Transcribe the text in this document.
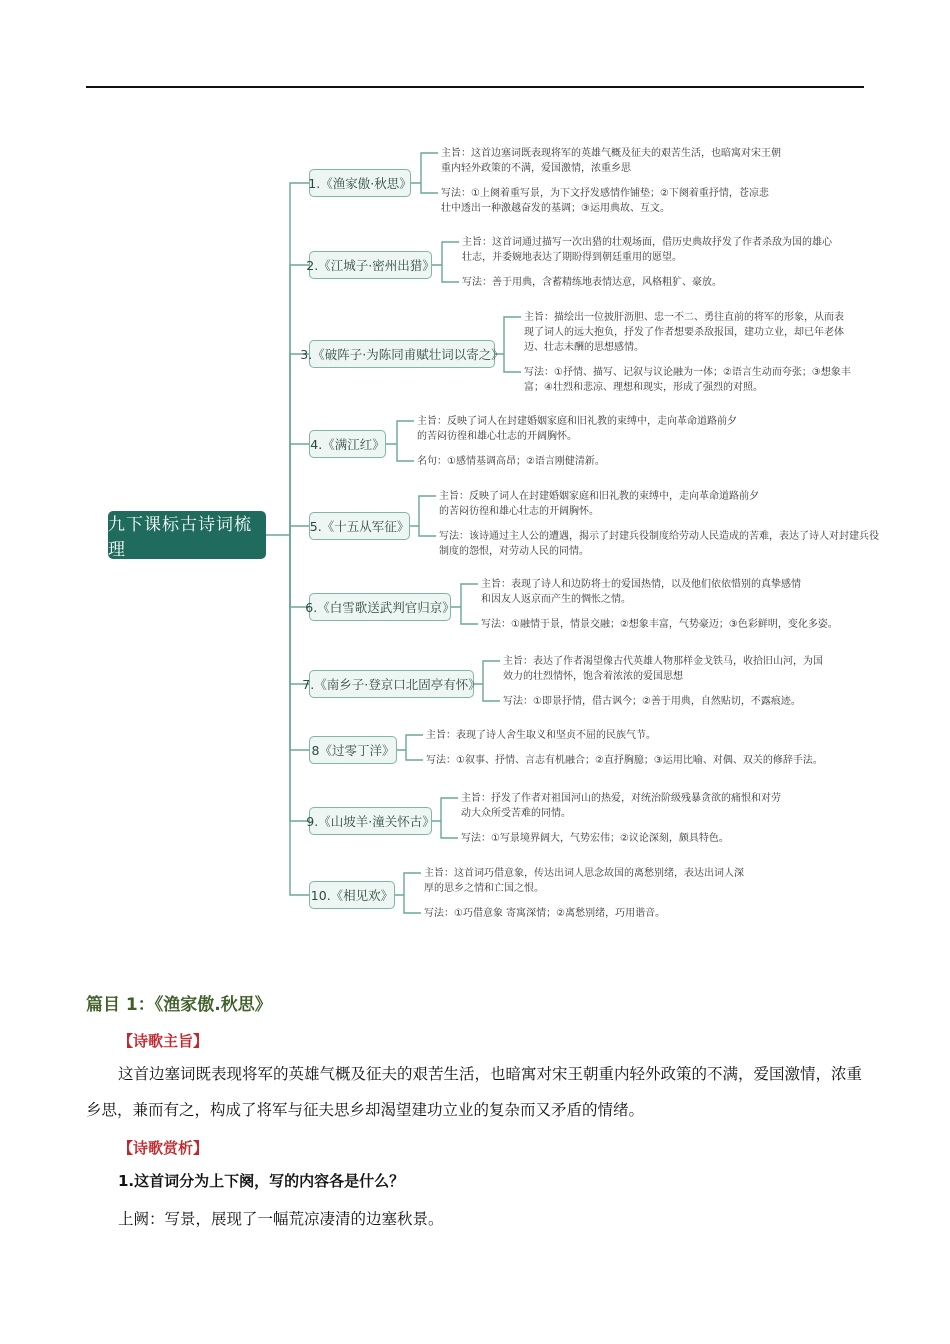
九下课标古诗词梳理
1.《渔家傲·秋思》
主旨：这首边塞词既表现将军的英雄气概及征夫的艰苦生活，也暗寓对宋王朝
重内轻外政策的不满，爱国激情，浓重乡思
写法：①上阕着重写景，为下文抒发感情作铺垫；②下阕着重抒情，苍凉悲
壮中透出一种激越奋发的基调；③运用典故、互文。
2.《江城子·密州出猎》
主旨：这首词通过描写一次出猎的壮观场面，借历史典故抒发了作者杀敌为国的雄心
壮志，并委婉地表达了期盼得到朝廷重用的愿望。
写法：善于用典，含蓄精练地表情达意，风格粗犷、豪放。
3.《破阵子·为陈同甫赋壮词以寄之》
主旨：描绘出一位披肝沥胆、忠一不二、勇往直前的将军的形象，从而表
现了词人的远大抱负，抒发了作者想要杀敌报国，建功立业，却已年老体
迈、壮志未酬的思想感情。
写法：①抒情、描写、记叙与议论融为一体；②语言生动而夸张；③想象丰
富；④壮烈和悲凉、理想和现实，形成了强烈的对照。
4.《满江红》
主旨：反映了词人在封建婚姻家庭和旧礼教的束缚中，走向革命道路前夕
的苦闷彷徨和雄心壮志的开阔胸怀。
名句：①感情基调高昂；②语言刚健清新。
5.《十五从军征》
主旨：反映了词人在封建婚姻家庭和旧礼教的束缚中，走向革命道路前夕
的苦闷彷徨和雄心壮志的开阔胸怀。
写法：该诗通过主人公的遭遇，揭示了封建兵役制度给劳动人民造成的苦难，表达了诗人对封建兵役
制度的怨恨，对劳动人民的同情。
6.《白雪歌送武判官归京》
主旨：表现了诗人和边防将士的爱国热情，以及他们依依惜别的真挚感情
和因友人返京而产生的惆怅之情。
写法：①融情于景，情景交融；②想象丰富，气势豪迈；③色彩鲜明，变化多姿。
7.《南乡子·登京口北固亭有怀》
主旨：表达了作者渴望像古代英雄人物那样金戈铁马，收拾旧山河，为国
效力的壮烈情怀，饱含着浓浓的爱国思想
写法：①即景抒情，借古讽今；②善于用典，自然贴切，不露痕迹。
8《过零丁洋》
主旨：表现了诗人舍生取义和坚贞不屈的民族气节。
写法：①叙事、抒情、言志有机融合；②直抒胸臆；③运用比喻、对偶、双关的修辞手法。
9.《山坡羊·潼关怀古》
主旨：抒发了作者对祖国河山的热爱，对统治阶级残暴贪欲的痛恨和对劳
动大众所受苦难的同情。
写法：①写景境界阔大，气势宏伟；②议论深刻，颇具特色。
10.《相见欢》
主旨：这首词巧借意象，传达出词人思念故国的离愁别绪，表达出词人深
厚的思乡之情和亡国之恨。
写法：①巧借意象 寄寓深情；②离愁别绪，巧用谐音。
篇目 1：《渔家傲.秋思》
【诗歌主旨】
这首边塞词既表现将军的英雄气概及征夫的艰苦生活，也暗寓对宋王朝重内轻外政策的不满，爱国激情，浓重乡思，兼而有之，构成了将军与征夫思乡却渴望建功立业的复杂而又矛盾的情绪。
【诗歌赏析】
1.这首词分为上下阕，写的内容各是什么？
上阙：写景，展现了一幅荒凉凄清的边塞秋景。
